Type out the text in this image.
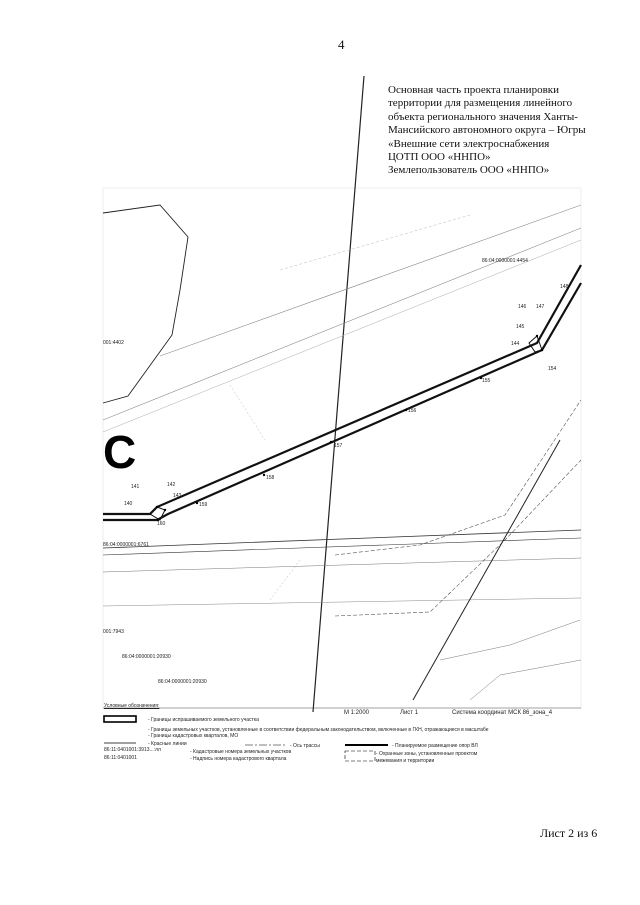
4
Основная часть проекта планировки
территории для размещения линейного
объекта регионального значения Ханты-
Мансийского автономного округа – Югры
«Внешние сети электроснабжения
ЦОТП ООО «ННПО»
Землепользователь ООО «ННПО»
C
86:04:0000001:4454
001:4402
86:04:0000001:6761
001:7943
86:04:0000001:20930
86:04:0000001:20930
140
141	142
143
144
145
146 147
148
154
155
156
157
158
159
160
Условные обозначения:
М 1:2000	Лист 1	Система координат МСК 86_зона_4
- Границы испрашиваемого земельного участка
- Границы земельных участков, установленные в соответствии федеральным законодательством, включенные в ГКН, отражающиеся в масштабе
- Границы кадастровых кварталов, МО
- Красные линии	- Ось трассы	- Планируемое размещение опор ВЛ
86:11:0401001:3913...:лл	- Кадастровые номера земельных участков	- Охранные зоны, установленные проектом
86:11:0401001	- Надпись номера кадастрового квартала	межевания и территории
Лист 2 из 6
